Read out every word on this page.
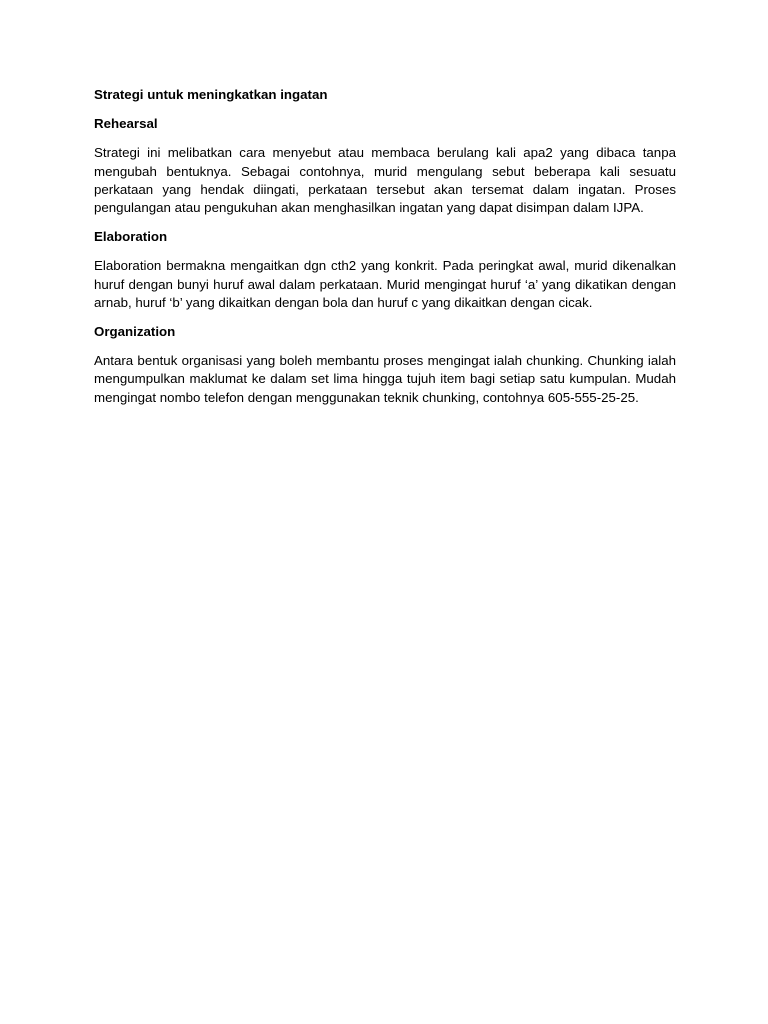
Strategi untuk meningkatkan ingatan

Rehearsal

Strategi ini melibatkan cara menyebut atau membaca berulang kali apa2 yang dibaca tanpa mengubah bentuknya. Sebagai contohnya, murid mengulang sebut beberapa kali sesuatu perkataan yang hendak diingati, perkataan tersebut akan tersemat dalam ingatan. Proses pengulangan atau pengukuhan akan menghasilkan ingatan yang dapat disimpan dalam IJPA.

Elaboration

Elaboration bermakna mengaitkan dgn cth2 yang konkrit. Pada peringkat awal, murid dikenalkan huruf dengan bunyi huruf awal dalam perkataan. Murid mengingat huruf ‘a’ yang dikatikan dengan arnab, huruf ‘b’ yang dikaitkan dengan bola dan huruf c yang dikaitkan dengan cicak.

Organization

Antara bentuk organisasi yang boleh membantu proses mengingat ialah chunking. Chunking ialah mengumpulkan maklumat ke dalam set lima hingga tujuh item bagi setiap satu kumpulan. Mudah mengingat nombo telefon dengan menggunakan teknik chunking, contohnya 605-555-25-25.
